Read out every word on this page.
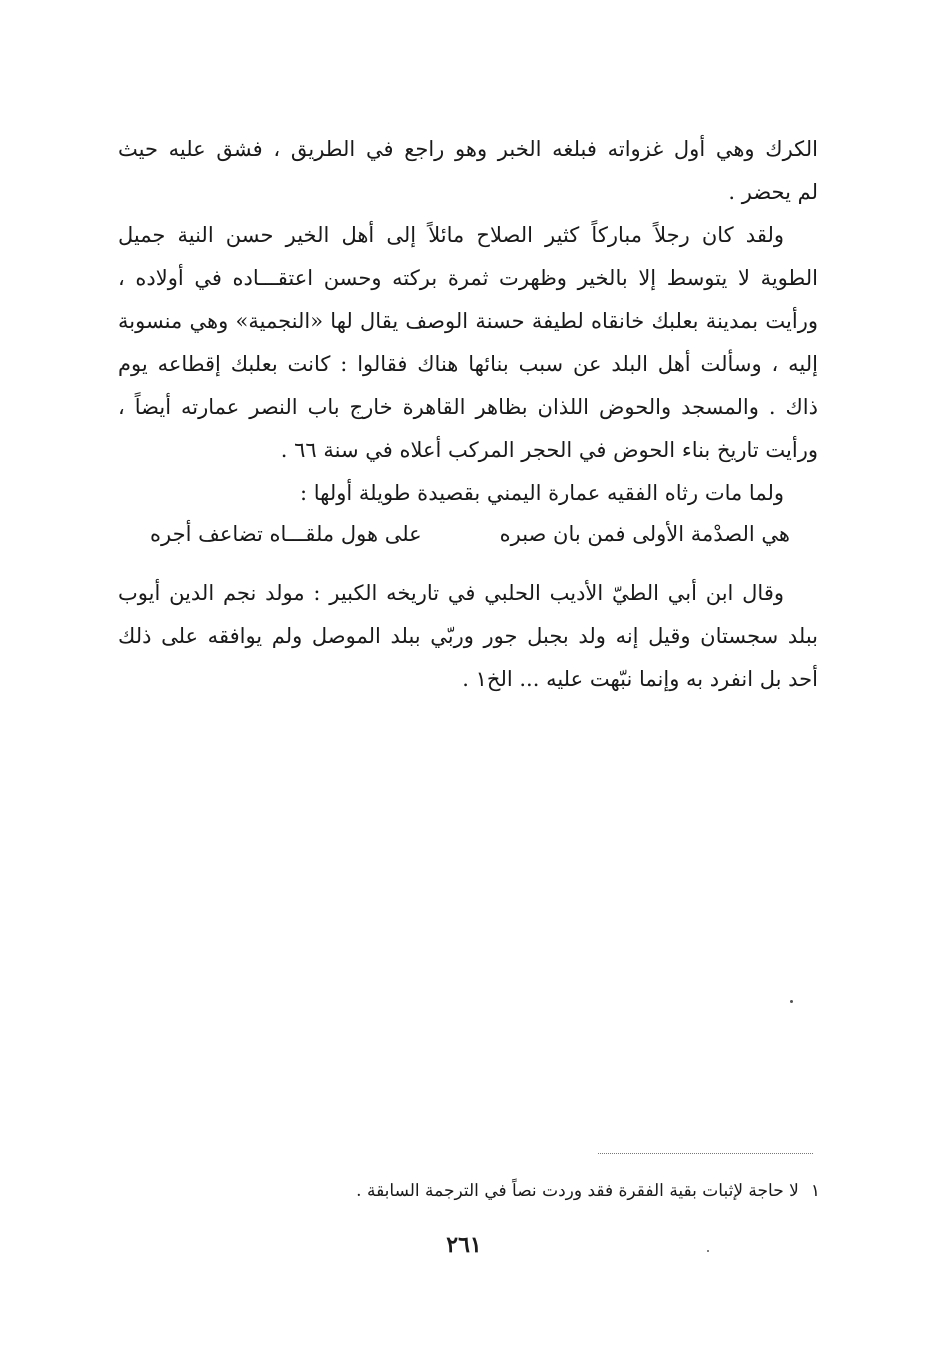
الكرك وهي أول غزواته فبلغه الخبر وهو راجع في الطريق ، فشق عليه حيث
لم يحضر .
ولقد كان رجلاً مباركاً كثير الصلاح مائلاً إلى أهل الخير حسن النية جميل
الطوية لا يتوسط إلا بالخير وظهرت ثمرة بركته وحسن اعتقـــاده في أولاده ،
ورأيت بمدينة بعلبك خانقاه لطيفة حسنة الوصف يقال لها «النجمية» وهي منسوبة
إليه ، وسألت أهل البلد عن سبب بنائها هناك فقالوا : كانت بعلبك إقطاعه يوم
ذاك . والمسجد والحوض اللذان بظاهر القاهرة خارج باب النصر عمارته أيضاً ،
ورأيت تاريخ بناء الحوض في الحجر المركب أعلاه في سنة ٦٦ .
ولما مات رثاه الفقيه عمارة اليمني بقصيدة طويلة أولها :
هي الصدْمة الأولى فمن بان صبره
على هول ملقـــاه تضاعف أجره
وقال ابن أبي الطيّ الأديب الحلبي في تاريخه الكبير : مولد نجم الدين أيوب
ببلد سجستان وقيل إنه ولد بجبل جور وربّي ببلد الموصل ولم يوافقه على ذلك
أحد بل انفرد به وإنما نبّهت عليه ... الخ١ .
١لا حاجة لإثبات بقية الفقرة فقد وردت نصاً في الترجمة السابقة .
٢٦١
